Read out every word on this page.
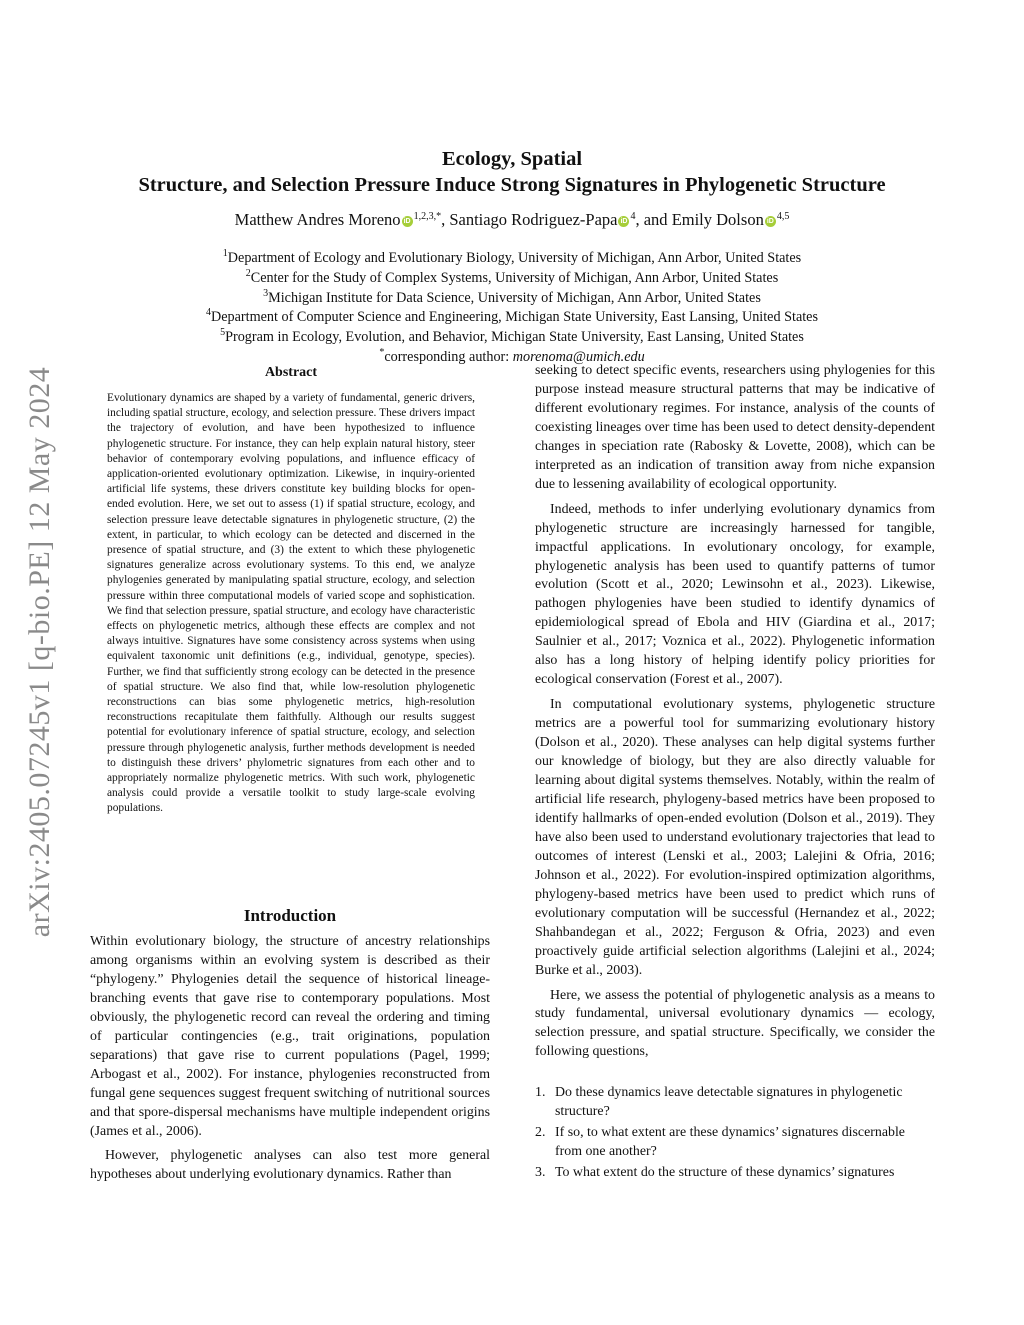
arXiv:2405.07245v1 [q-bio.PE] 12 May 2024
Ecology, Spatial
Structure, and Selection Pressure Induce Strong Signatures in Phylogenetic Structure
Matthew Andres Moreno iD $^{1,2,3,*}$, Santiago Rodriguez-Papa iD $^4$, and Emily Dolson iD $^{4,5}$
$^1$Department of Ecology and Evolutionary Biology, University of Michigan, Ann Arbor, United States
$^2$Center for the Study of Complex Systems, University of Michigan, Ann Arbor, United States
$^3$Michigan Institute for Data Science, University of Michigan, Ann Arbor, United States
$^4$Department of Computer Science and Engineering, Michigan State University, East Lansing, United States
$^5$Program in Ecology, Evolution, and Behavior, Michigan State University, East Lansing, United States
*corresponding author: morenoma@umich.edu
Abstract

Evolutionary dynamics are shaped by a variety of fundamental, generic drivers, including spatial structure, ecology, and selection pressure. These drivers impact the trajectory of evolution, and have been hypothesized to influence phylogenetic structure. For instance, they can help explain natural history, steer behavior of contemporary evolving populations, and influence efficacy of application-oriented evolutionary optimization. Likewise, in inquiry-oriented artificial life systems, these drivers constitute key building blocks for open-ended evolution. Here, we set out to assess (1) if spatial structure, ecology, and selection pressure leave detectable signatures in phylogenetic structure, (2) the extent, in particular, to which ecology can be detected and discerned in the presence of spatial structure, and (3) the extent to which these phylogenetic signatures generalize across evolutionary systems. To this end, we analyze phylogenies generated by manipulating spatial structure, ecology, and selection pressure within three computational models of varied scope and sophistication. We find that selection pressure, spatial structure, and ecology have characteristic effects on phylogenetic metrics, although these effects are complex and not always intuitive. Signatures have some consistency across systems when using equivalent taxonomic unit definitions (e.g., individual, genotype, species). Further, we find that sufficiently strong ecology can be detected in the presence of spatial structure. We also find that, while low-resolution phylogenetic reconstructions can bias some phylogenetic metrics, high-resolution reconstructions recapitulate them faithfully. Although our results suggest potential for evolutionary inference of spatial structure, ecology, and selection pressure through phylogenetic analysis, further methods development is needed to distinguish these drivers’ phylometric signatures from each other and to appropriately normalize phylogenetic metrics. With such work, phylogenetic analysis could provide a versatile toolkit to study large-scale evolving populations.

Introduction

Within evolutionary biology, the structure of ancestry relationships among organisms within an evolving system is described as their “phylogeny.” Phylogenies detail the sequence of historical lineage-branching events that gave rise to contemporary populations. Most obviously, the phylogenetic record can reveal the ordering and timing of particular contingencies (e.g., trait originations, population separations) that gave rise to current populations (Pagel, 1999; Arbogast et al., 2002). For instance, phylogenies reconstructed from fungal gene sequences suggest frequent switching of nutritional sources and that spore-dispersal mechanisms have multiple independent origins (James et al., 2006).

However, phylogenetic analyses can also test more general hypotheses about underlying evolutionary dynamics. Rather than

seeking to detect specific events, researchers using phylogenies for this purpose instead measure structural patterns that may be indicative of different evolutionary regimes. For instance, analysis of the counts of coexisting lineages over time has been used to detect density-dependent changes in speciation rate (Rabosky & Lovette, 2008), which can be interpreted as an indication of transition away from niche expansion due to lessening availability of ecological opportunity.

Indeed, methods to infer underlying evolutionary dynamics from phylogenetic structure are increasingly harnessed for tangible, impactful applications. In evolutionary oncology, for example, phylogenetic analysis has been used to quantify patterns of tumor evolution (Scott et al., 2020; Lewinsohn et al., 2023). Likewise, pathogen phylogenies have been studied to identify dynamics of epidemiological spread of Ebola and HIV (Giardina et al., 2017; Saulnier et al., 2017; Voznica et al., 2022). Phylogenetic information also has a long history of helping identify policy priorities for ecological conservation (Forest et al., 2007).

In computational evolutionary systems, phylogenetic structure metrics are a powerful tool for summarizing evolutionary history (Dolson et al., 2020). These analyses can help digital systems further our knowledge of biology, but they are also directly valuable for learning about digital systems themselves. Notably, within the realm of artificial life research, phylogeny-based metrics have been proposed to identify hallmarks of open-ended evolution (Dolson et al., 2019). They have also been used to understand evolutionary trajectories that lead to outcomes of interest (Lenski et al., 2003; Lalejini & Ofria, 2016; Johnson et al., 2022). For evolution-inspired optimization algorithms, phylogeny-based metrics have been used to predict which runs of evolutionary computation will be successful (Hernandez et al., 2022; Shahbandegan et al., 2022; Ferguson & Ofria, 2023) and even proactively guide artificial selection algorithms (Lalejini et al., 2024; Burke et al., 2003).

Here, we assess the potential of phylogenetic analysis as a means to study fundamental, universal evolutionary dynamics — ecology, selection pressure, and spatial structure. Specifically, we consider the following questions,

1. Do these dynamics leave detectable signatures in phylogenetic structure?
2. If so, to what extent are these dynamics’ signatures discernable from one another?
3. To what extent do the structure of these dynamics’ signatures
